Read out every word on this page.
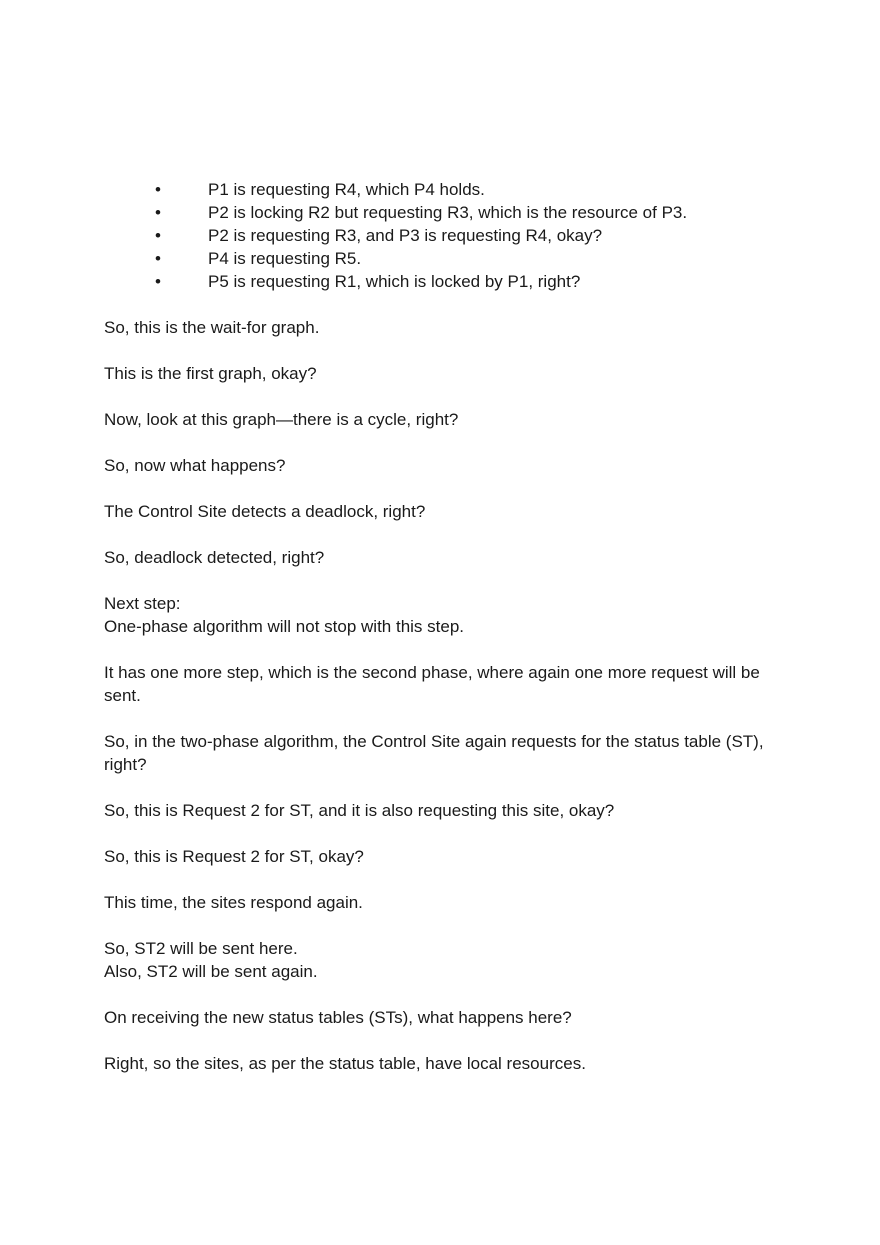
•	P1 is requesting R4, which P4 holds.
•	P2 is locking R2 but requesting R3, which is the resource of P3.
•	P2 is requesting R3, and P3 is requesting R4, okay?
•	P4 is requesting R5.
•	P5 is requesting R1, which is locked by P1, right?

So, this is the wait-for graph.

This is the first graph, okay?

Now, look at this graph—there is a cycle, right?

So, now what happens?

The Control Site detects a deadlock, right?

So, deadlock detected, right?

Next step:
One-phase algorithm will not stop with this step.

It has one more step, which is the second phase, where again one more request will be
sent.

So, in the two-phase algorithm, the Control Site again requests for the status table (ST),
right?

So, this is Request 2 for ST, and it is also requesting this site, okay?

So, this is Request 2 for ST, okay?

This time, the sites respond again.

So, ST2 will be sent here.
Also, ST2 will be sent again.

On receiving the new status tables (STs), what happens here?

Right, so the sites, as per the status table, have local resources.
